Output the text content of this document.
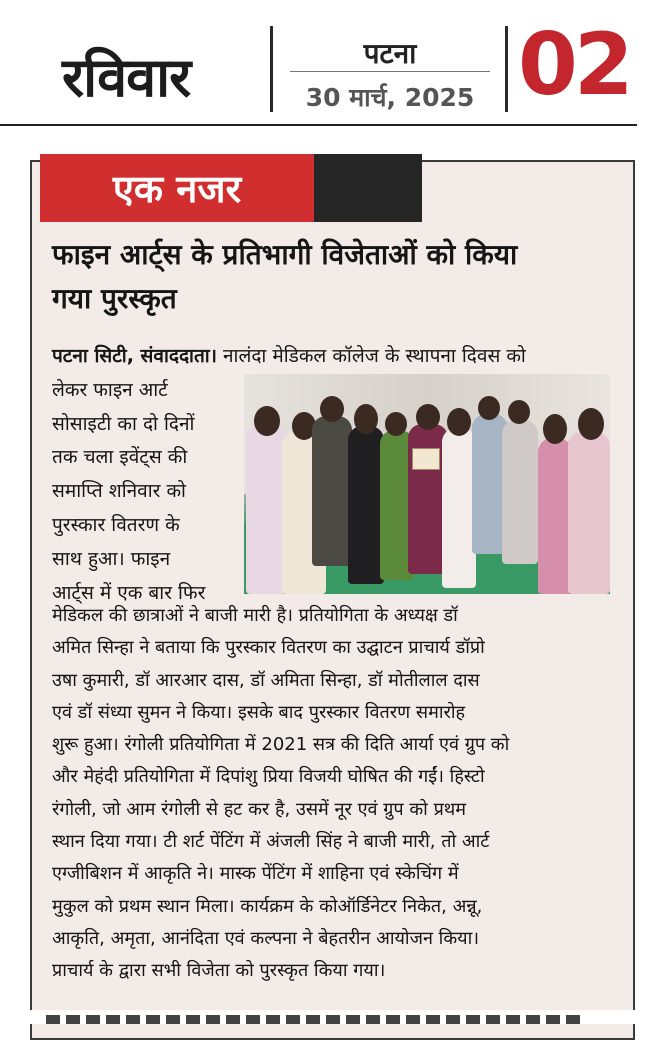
रविवार	पटना
30 मार्च, 2025 02
एक नजर
फाइन आर्ट्स के प्रतिभागी विजेताओं को किया
गया पुरस्कृत
पटना सिटी, संवाददाता। नालंदा मेडिकल कॉलेज के स्थापना दिवस को
लेकर फाइन आर्ट
सोसाइटी का दो दिनों
तक चला इवेंट्स की
समाप्ति शनिवार को
पुरस्कार वितरण के
साथ हुआ। फाइन
आर्ट्स में एक बार फिर
मेडिकल की छात्राओं ने बाजी मारी है। प्रतियोगिता के अध्यक्ष डॉ
अमित सिन्हा ने बताया कि पुरस्कार वितरण का उद्घाटन प्राचार्य डॉप्रो
उषा कुमारी, डॉ आरआर दास, डॉ अमिता सिन्हा, डॉ मोतीलाल दास
एवं डॉ संध्या सुमन ने किया। इसके बाद पुरस्कार वितरण समारोह
शुरू हुआ। रंगोली प्रतियोगिता में 2021 सत्र की दिति आर्या एवं ग्रुप को
और मेहंदी प्रतियोगिता में दिपांशु प्रिया विजयी घोषित की गईं। हिस्टो
रंगोली, जो आम रंगोली से हट कर है, उसमें नूर एवं ग्रुप को प्रथम
स्थान दिया गया। टी शर्ट पेंटिंग में अंजली सिंह ने बाजी मारी, तो आर्ट
एग्जीबिशन में आकृति ने। मास्क पेंटिंग में शाहिना एवं स्केचिंग में
मुकुल को प्रथम स्थान मिला। कार्यक्रम के कोऑर्डिनेटर निकेत, अन्नू,
आकृति, अमृता, आनंदिता एवं कल्पना ने बेहतरीन आयोजन किया।
प्राचार्य के द्वारा सभी विजेता को पुरस्कृत किया गया।
